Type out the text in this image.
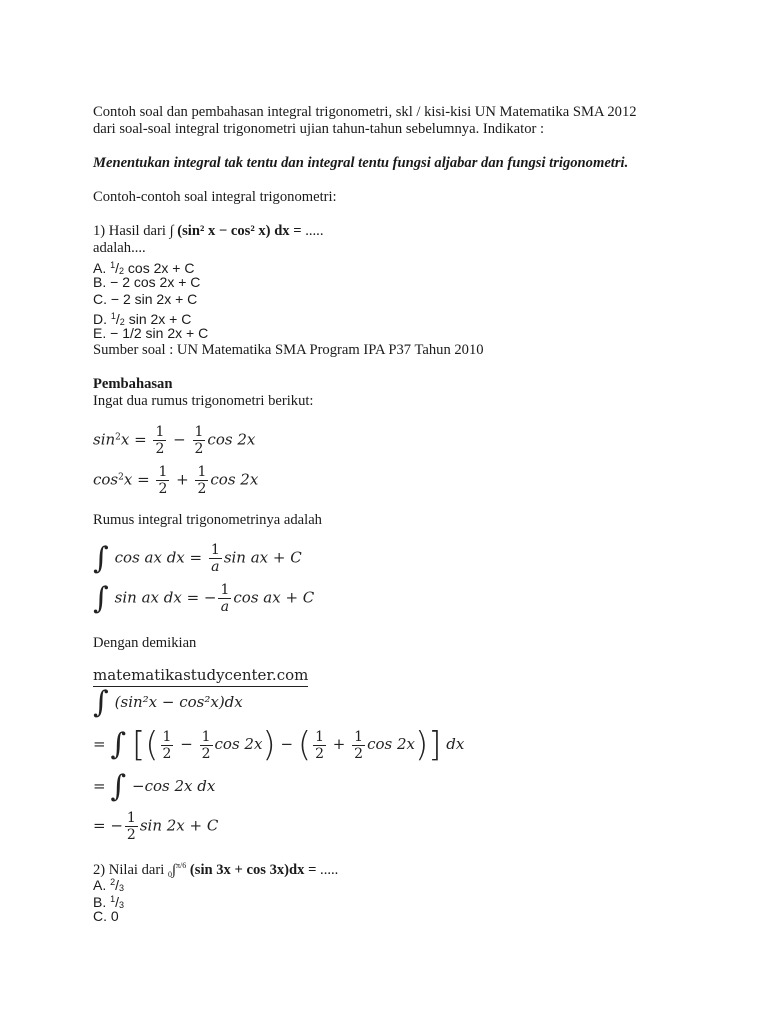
Contoh soal dan pembahasan integral trigonometri, skl / kisi-kisi UN Matematika SMA 2012
dari soal-soal integral trigonometri ujian tahun-tahun sebelumnya. Indikator :
Menentukan integral tak tentu dan integral tentu fungsi aljabar dan fungsi trigonometri.
Contoh-contoh soal integral trigonometri:
1) Hasil dari ∫ (sin² x − cos² x) dx = .....
adalah....
A. $^1/_2$ cos 2x + C
B. − 2 cos 2x + C
C. − 2 sin 2x + C
D. $^1/_2$ sin 2x + C
E. − 1/2 sin 2x + C
Sumber soal : UN Matematika SMA Program IPA P37 Tahun 2010
Pembahasan
Ingat dua rumus trigonometri berikut:
$\sin^2x = \frac{1}{2} - \frac{1}{2}$ cos 2x
$\cos^2x = \frac{1}{2} + \frac{1}{2}$ cos 2x
Rumus integral trigonometrinya adalah
∫ cos ax dx = $\frac{1}{a}$ sin ax + C
∫ sin ax dx = − $\frac{1}{a}$ cos ax + C
Dengan demikian
matematikastudycenter.com
∫ (sin²x − cos²x)dx
= ∫ [( $\frac{1}{2} - \frac{1}{2}$ cos 2x) − ( $\frac{1}{2} + \frac{1}{2}$ cos 2x)] dx
= ∫ −cos 2x dx
= − $\frac{1}{2}$ sin 2x + C
2) Nilai dari $_0$∫$^{\pi/6}$ (sin 3x + cos 3x)dx = .....
A. $^2/_3$
B. $^1/_3$
C. 0
